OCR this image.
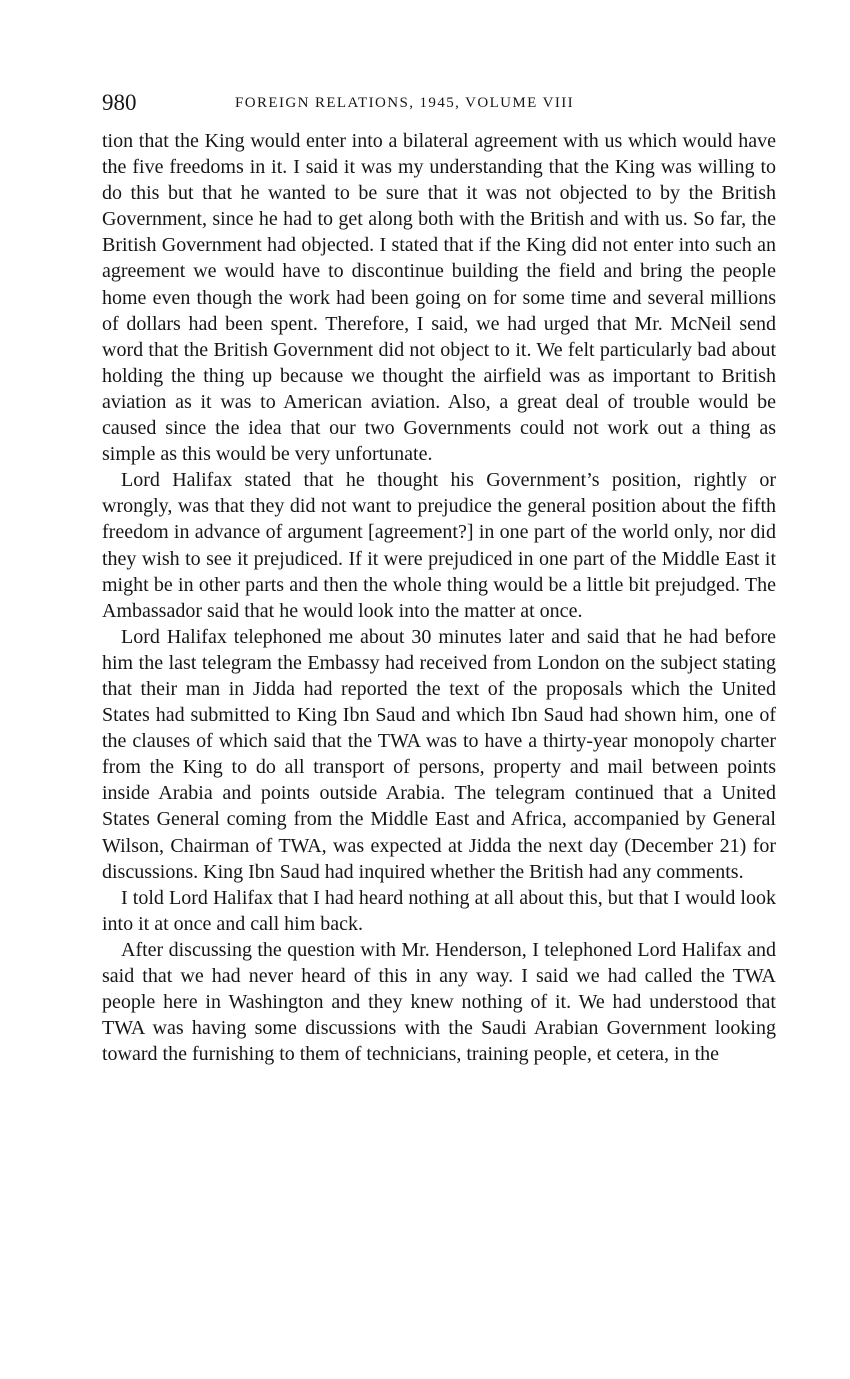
980	FOREIGN RELATIONS, 1945, VOLUME VIII

tion that the King would enter into a bilateral agreement with us which would have the five freedoms in it. I said it was my understanding that the King was willing to do this but that he wanted to be sure that it was not objected to by the British Government, since he had to get along both with the British and with us. So far, the British Government had objected. I stated that if the King did not enter into such an agreement we would have to discontinue building the field and bring the people home even though the work had been going on for some time and several millions of dollars had been spent. Therefore, I said, we had urged that Mr. McNeil send word that the British Government did not object to it. We felt particularly bad about holding the thing up because we thought the airfield was as important to British aviation as it was to American aviation. Also, a great deal of trouble would be caused since the idea that our two Governments could not work out a thing as simple as this would be very unfortunate.

Lord Halifax stated that he thought his Government’s position, rightly or wrongly, was that they did not want to prejudice the general position about the fifth freedom in advance of argument [agreement?] in one part of the world only, nor did they wish to see it prejudiced. If it were prejudiced in one part of the Middle East it might be in other parts and then the whole thing would be a little bit prejudged. The Ambassador said that he would look into the matter at once.

Lord Halifax telephoned me about 30 minutes later and said that he had before him the last telegram the Embassy had received from London on the subject stating that their man in Jidda had reported the text of the proposals which the United States had submitted to King Ibn Saud and which Ibn Saud had shown him, one of the clauses of which said that the TWA was to have a thirty-year monopoly charter from the King to do all transport of persons, property and mail between points inside Arabia and points outside Arabia. The telegram continued that a United States General coming from the Middle East and Africa, accompanied by General Wilson, Chairman of TWA, was expected at Jidda the next day (December 21) for discussions. King Ibn Saud had inquired whether the British had any comments.

I told Lord Halifax that I had heard nothing at all about this, but that I would look into it at once and call him back.

After discussing the question with Mr. Henderson, I telephoned Lord Halifax and said that we had never heard of this in any way. I said we had called the TWA people here in Washington and they knew nothing of it. We had understood that TWA was having some discussions with the Saudi Arabian Government looking toward the furnishing to them of technicians, training people, et cetera, in the
